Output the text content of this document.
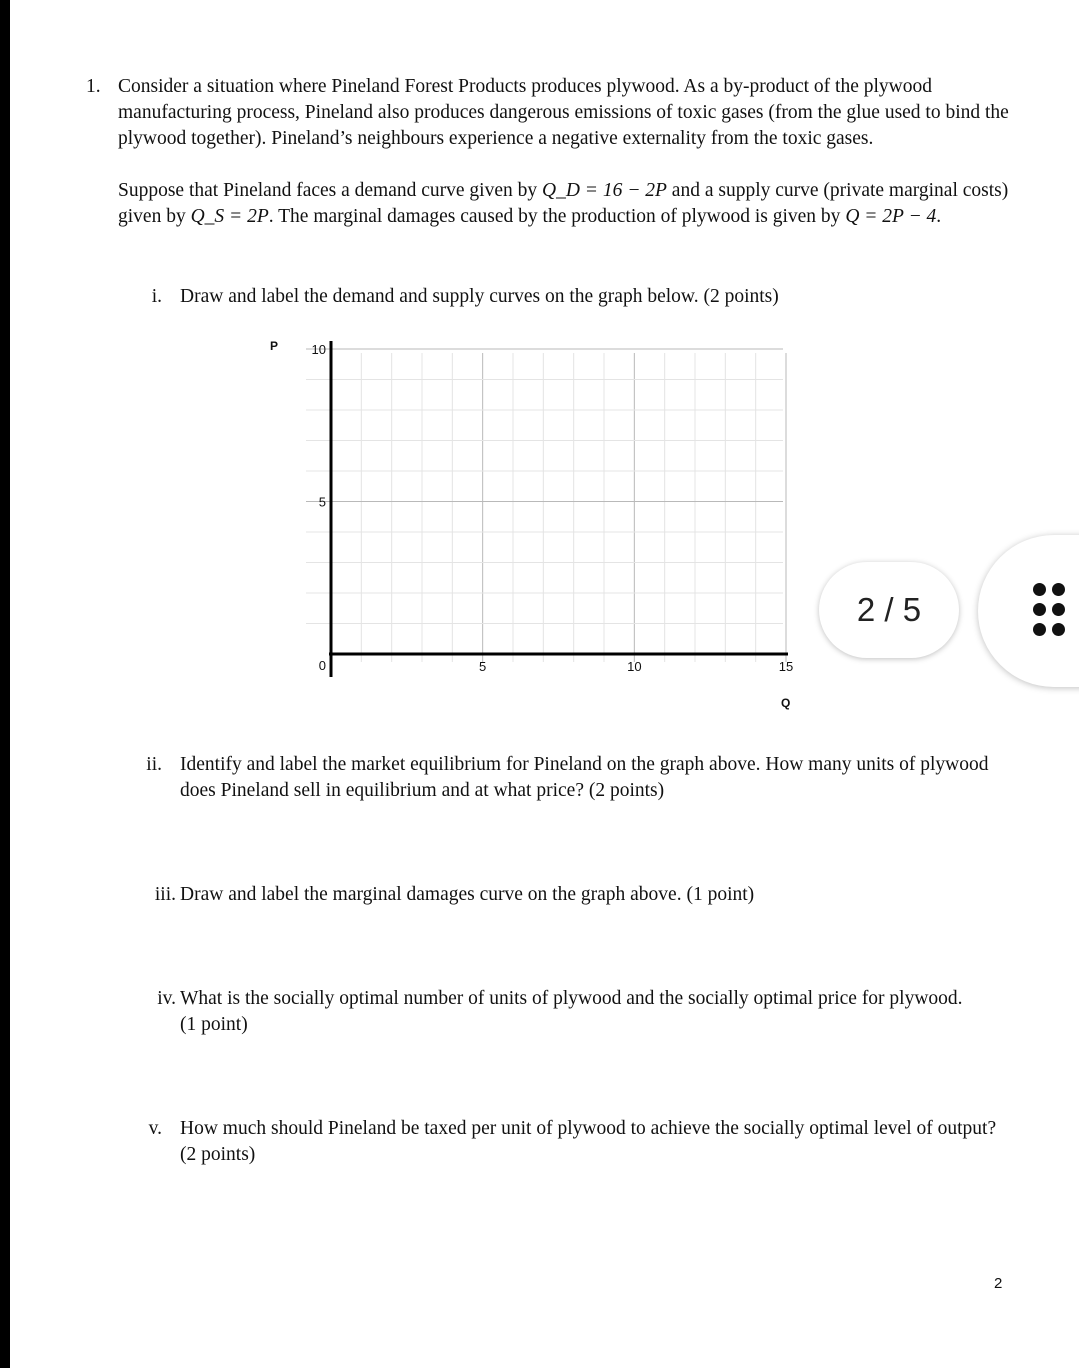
1. Consider a situation where Pineland Forest Products produces plywood. As a by-product of the plywood manufacturing process, Pineland also produces dangerous emissions of toxic gases (from the glue used to bind the plywood together). Pineland’s neighbours experience a negative externality from the toxic gases.

Suppose that Pineland faces a demand curve given by Q_D = 16 − 2P and a supply curve (private marginal costs) given by Q_S = 2P. The marginal damages caused by the production of plywood is given by Q = 2P − 4.

i. Draw and label the demand and supply curves on the graph below. (2 points)

5	10	15
0
5
10
P
Q
ii. Identify and label the market equilibrium for Pineland on the graph above. How many units of plywood does Pineland sell in equilibrium and at what price? (2 points)

iii. Draw and label the marginal damages curve on the graph above. (1 point)

iv. What is the socially optimal number of units of plywood and the socially optimal price for plywood. (1 point)

v. How much should Pineland be taxed per unit of plywood to achieve the socially optimal level of output? (2 points)

2 / 5
2
